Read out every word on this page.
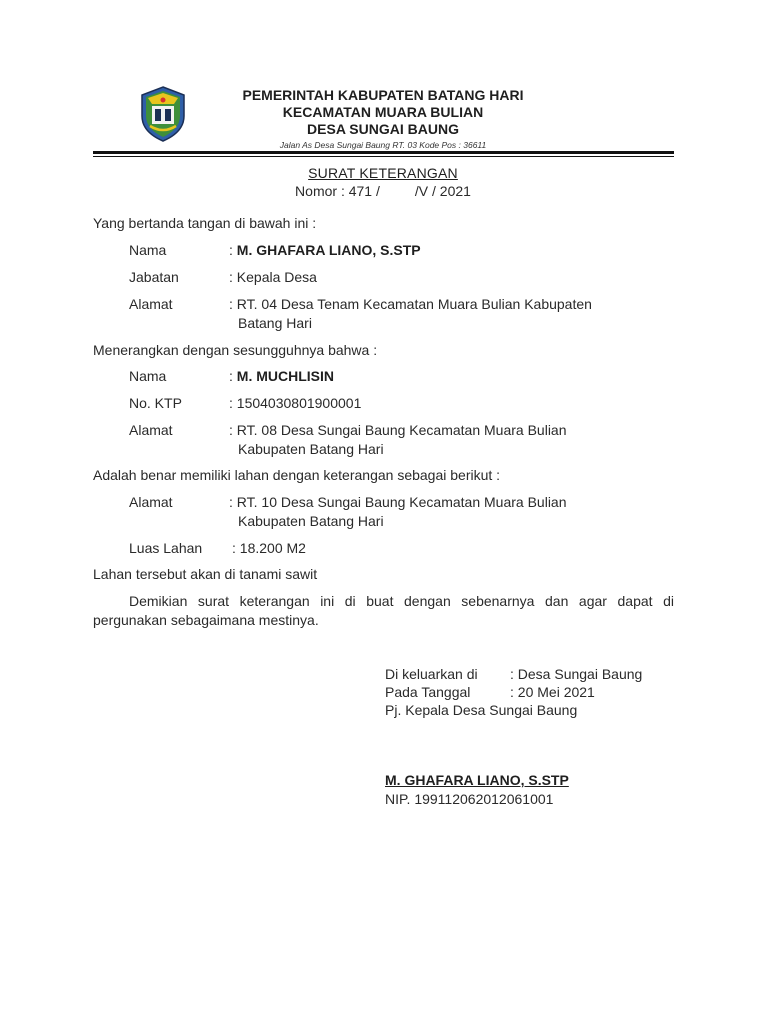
PEMERINTAH KABUPATEN BATANG HARI
KECAMATAN MUARA BULIAN
DESA SUNGAI BAUNG
Jalan As Desa Sungai Baung RT. 03 Kode Pos : 36611
SURAT KETERANGAN
Nomor : 471 /	/V / 2021
Yang bertanda tangan di bawah ini :
Nama	: M. GHAFARA LIANO, S.STP
Jabatan	: Kepala Desa
Alamat	: RT. 04 Desa Tenam Kecamatan Muara Bulian Kabupaten
Batang Hari
Menerangkan dengan sesungguhnya bahwa :
Nama	: M. MUCHLISIN
No. KTP	: 1504030801900001
Alamat	: RT. 08 Desa Sungai Baung Kecamatan Muara Bulian
Kabupaten Batang Hari
Adalah benar memiliki lahan dengan keterangan sebagai berikut :
Alamat	: RT. 10 Desa Sungai Baung Kecamatan Muara Bulian
Kabupaten Batang Hari
Luas Lahan : 18.200 M2
Lahan tersebut akan di tanami sawit
Demikian surat keterangan ini di buat dengan sebenarnya dan agar dapat di pergunakan sebagaimana mestinya.
Di keluarkan di : Desa Sungai Baung
Pada Tanggal	: 20 Mei 2021
Pj. Kepala Desa Sungai Baung
M. GHAFARA LIANO, S.STP
NIP. 199112062012061001
